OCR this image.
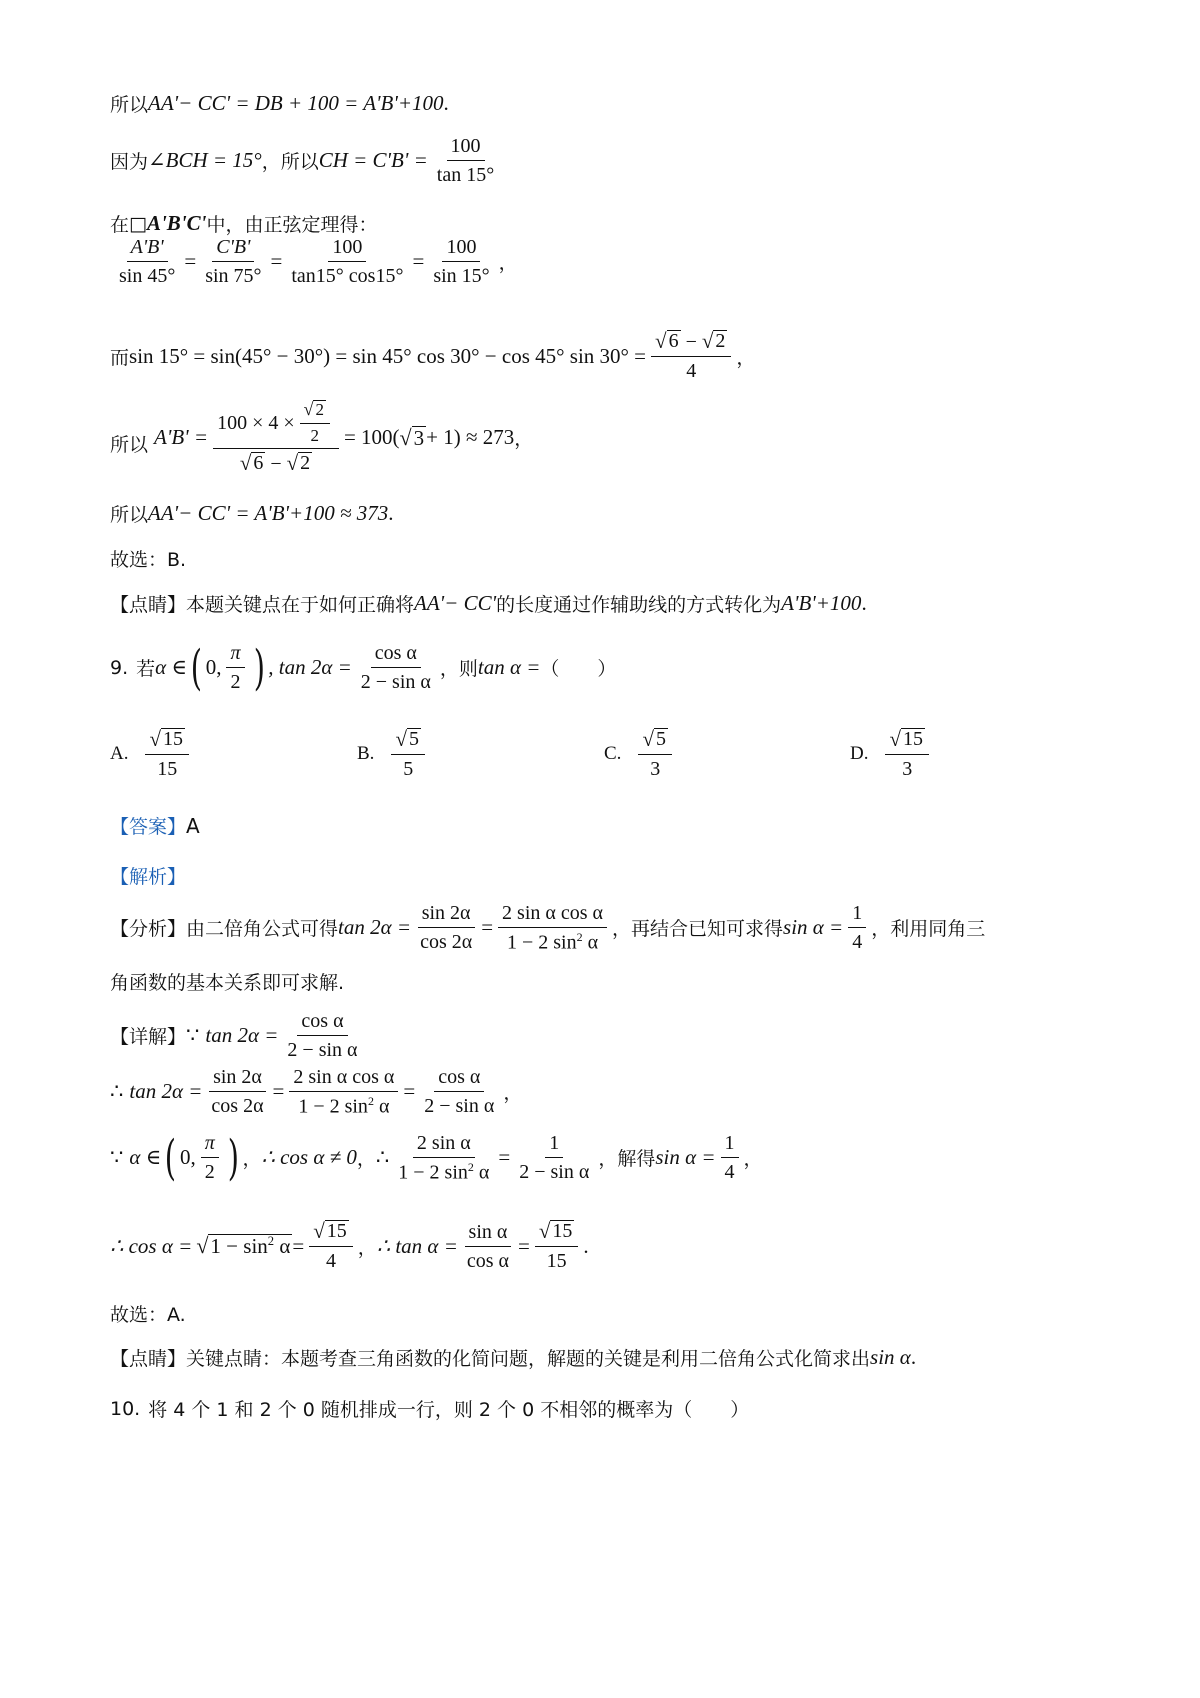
所以 AA'− CC' = DB + 100 = A'B'+100 .
因为 ∠BCH = 15° ，所以 CH = $C'B' = \frac{100}{\tan 15^\circ}$
在 □ A'B'C' 中，由正弦定理得：
$\frac{A'B'}{\sin 45^\circ} = \frac{C'B'}{\sin 75^\circ} = \frac{100}{\tan 15^\circ \cos 15^\circ} = \frac{100}{\sin 15^\circ}$ ，
而 sin 15° = sin(45° − 30°) = sin 45° cos 30° − cos 45° $\sin 30^\circ = \frac{√ 6 - √ 2}{4}$ ，
所以 $A'B' = \frac{100 \times 4 \times \frac{√ 2}{2}}{√ 6 - √ 2} = 100$( √ 3 + 1) ≈ 273 ，
所以 AA'− CC' = A'B'+100 ≈ 373 .
故选：B.
【点睛】 本题关键点在于如何正确将 AA'− CC' 的长度通过作辅助线的方式转化为 A'B'+100 .
9. 若 α ∈ ( 0, $\frac{\pi}{2}$ ) , $\tan 2\alpha = \frac{\text{cos α}}{\text{2 − sin α}}$ ，则 tan α = （　　）
A. $\frac{√ 15}{15}$	B. $\frac{√ 5}{5}$	C. $\frac{√ 5}{3}$	D. $\frac{√ 15}{3}$
【答案】 A
【解析】
【分析】 由二倍角公式可得 $\tan 2\alpha = \frac{\sin 2\alpha}{\cos 2\alpha} = \frac{\text{2 sin α cos α}}{1 - 2 \sin^2 \alpha}$ ，再结合已知可求得 $\sin \alpha = \frac{1}{4}$ ，利用同角三
角函数的基本关系即可求解.
【详解】 ∵ $\tan 2\alpha = \frac{\text{cos α}}{\text{2 − sin α}}$
∴ $\tan 2\alpha = \frac{\sin 2\alpha}{\cos 2\alpha} = \frac{\text{2 sin α cos α}}{1 - 2 \sin^2 \alpha} = \frac{\text{cos α}}{\text{2 − sin α}}$ ，
∵ α ∈ ( 0, $\frac{\pi}{2}$ ) ， ∴ cos α ≠ 0 ， ∴ $\frac{\text{2 sin α}}{1 - 2 \sin^2 \alpha} = \frac{1}{\text{2 − sin α}}$ ，解得 $\sin \alpha = \frac{1}{4}$ ，
∴ cos α = √ $1 - \sin^2 \alpha = \frac{√ 15}{4}$ ， ∴ $\tan \alpha = \frac{\text{sin α}}{\text{cos α}} = \frac{√ 15}{15}$ .
故选：A.
【点睛】 关键点睛：本题考查三角函数的化简问题，解题的关键是利用二倍角公式化简求出 sin α .
10. 将 4 个 1 和 2 个 0 随机排成一行，则 2 个 0 不相邻的概率为（　　）
